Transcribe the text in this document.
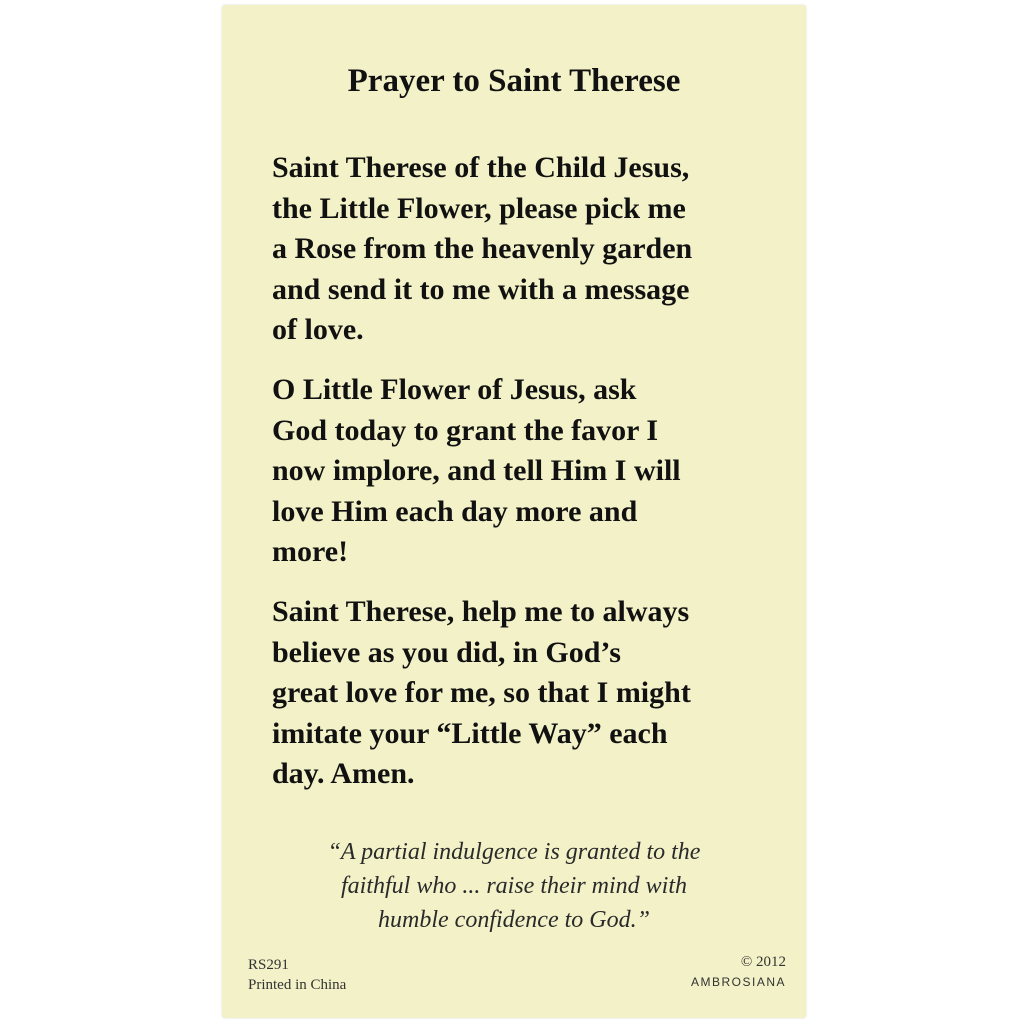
Prayer to Saint Therese

Saint Therese of the Child Jesus,
the Little Flower, please pick me
a Rose from the heavenly garden
and send it to me with a message
of love.

O Little Flower of Jesus, ask
God today to grant the favor I
now implore, and tell Him I will
love Him each day more and
more!

Saint Therese, help me to always
believe as you did, in God’s
great love for me, so that I might
imitate your “Little Way” each
day. Amen.

“A partial indulgence is granted to the
faithful who ... raise their mind with
humble confidence to God.”

RS291
Printed in China
© 2012
AMBROSIANA
